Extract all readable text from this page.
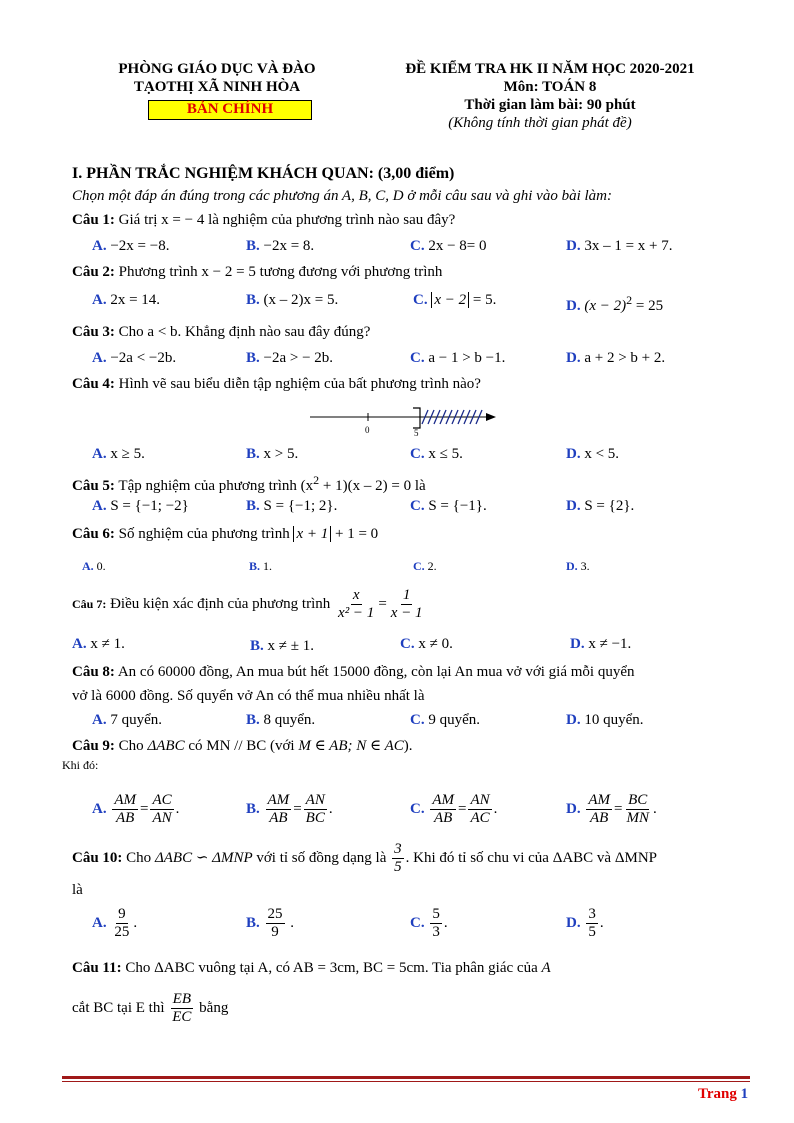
PHÒNG GIÁO DỤC VÀ ĐÀO
TẠOTHỊ XÃ NINH HÒA
BẢN CHÍNH
ĐỀ KIỂM TRA HK II NĂM HỌC 2020-2021
Môn: TOÁN 8
Thời gian làm bài: 90 phút
(Không tính thời gian phát đề)
I. PHẦN TRẮC NGHIỆM KHÁCH QUAN: (3,00 điểm)
Chọn một đáp án đúng trong các phương án A, B, C, D ở mỗi câu sau và ghi vào bài làm:
Câu 1: Giá trị x = − 4 là nghiệm của phương trình nào sau đây?
A. −2x = −8.	B. −2x = 8.	C. 2x − 8= 0	D. 3x – 1 = x + 7.
Câu 2: Phương trình x − 2 = 5 tương đương với phương trình
A. 2x = 14.	B. (x – 2)x = 5.	C. x − 2 = 5.	D. $(x - 2)^2 = 25$
Câu 3: Cho a < b. Khẳng định nào sau đây đúng?
A. −2a < −2b.	B. −2a > − 2b.	C. a − 1 > b −1.	D. a + 2 > b + 2.
Câu 4: Hình vẽ sau biểu diễn tập nghiệm của bất phương trình nào?
0	5
A. x ≥ 5.	B. x > 5.	C. x ≤ 5.	D. x < 5.
Câu 5: Tập nghiệm của phương trình $(x^2 + 1)(x - 2) = 0$ là
A. S = {−1; −2}	B. S = {−1; 2}.	C. S = {−1}.	D. S = {2}.
Câu 6: Số nghiệm của phương trình x + 1 + 1 = 0
A. 0.	B. 1.	C. 2.	D. 3.
Câu 7: Điều kiện xác định của phương trình $\frac{x}{\text{x² − 1}} = \frac{1}{x - 1}$
A. x ≠ 1.	B. x ≠ ± 1.	C. x ≠ 0.	D. x ≠ −1.
Câu 8: An có 60000 đồng, An mua bút hết 15000 đồng, còn lại An mua vở với giá mỗi quyển
vở là 6000 đồng. Số quyển vở An có thể mua nhiều nhất là
A. 7 quyển.	B. 8 quyển.	C. 9 quyển.	D. 10 quyển.
Câu 9: Cho ΔABC có MN // BC (với M ∈ AB; N ∈ AC).
Khi đó:
A. $\frac{AM}{AB} = \frac{AC}{AN}$ .	B. $\frac{AM}{AB} = \frac{AN}{BC}$ .	C. $\frac{AM}{AB} = \frac{AN}{AC}$ .	D. $\frac{AM}{AB} = \frac{BC}{MN}$ .
Câu 10: Cho ΔABC ∽ ΔMNP với tỉ số đồng dạng là $\frac{3}{5}$ . Khi đó tỉ số chu vi của ΔABC và ΔMNP
là
A. $\frac{9}{25}$ .	B. $\frac{25}{9}$ .	C. $\frac{5}{3}$ .	D. $\frac{3}{5}$ .
Câu 11: Cho ΔABC vuông tại A, có AB = 3cm, BC = 5cm. Tia phân giác của A
cắt BC tại E thì $\frac{EB}{EC}$ bằng
Trang 1
